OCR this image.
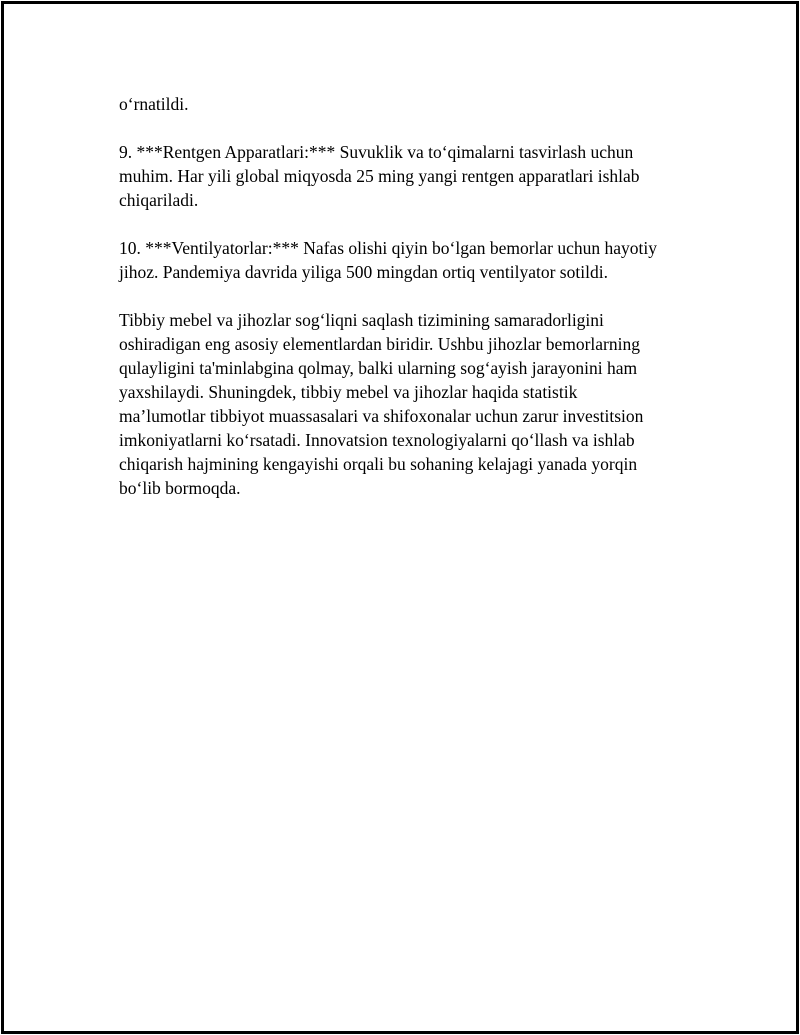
o‘rnatildi.

9. ***Rentgen Apparatlari:*** Suvuklik va to‘qimalarni tasvirlash uchun
muhim. Har yili global miqyosda 25 ming yangi rentgen apparatlari ishlab
chiqariladi.

10. ***Ventilyatorlar:*** Nafas olishi qiyin bo‘lgan bemorlar uchun hayotiy
jihoz. Pandemiya davrida yiliga 500 mingdan ortiq ventilyator sotildi.

Tibbiy mebel va jihozlar sog‘liqni saqlash tizimining samaradorligini
oshiradigan eng asosiy elementlardan biridir. Ushbu jihozlar bemorlarning
qulayligini ta'minlabgina qolmay, balki ularning sog‘ayish jarayonini ham
yaxshilaydi. Shuningdek, tibbiy mebel va jihozlar haqida statistik
ma’lumotlar tibbiyot muassasalari va shifoxonalar uchun zarur investitsion
imkoniyatlarni ko‘rsatadi. Innovatsion texnologiyalarni qo‘llash va ishlab
chiqarish hajmining kengayishi orqali bu sohaning kelajagi yanada yorqin
bo‘lib bormoqda.
